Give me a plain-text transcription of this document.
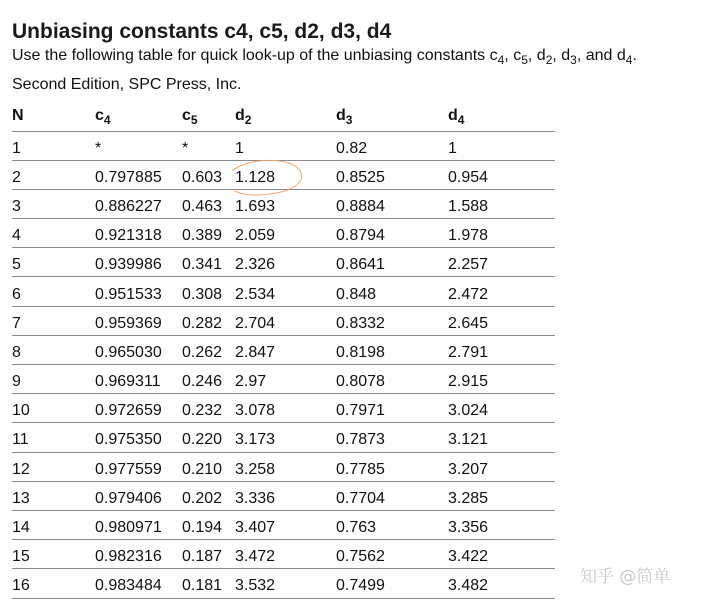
Unbiasing constants c4, c5, d2, d3, d4
Use the following table for quick look-up of the unbiasing constants $c_4$, $c_5$, $d_2$, $d_3$, and $d_4$.
Second Edition, SPC Press, Inc.
N	$c_4$	$c_5$	$d_2$	$d_3$	$d_4$
1	*	*	1	0.82	1
2	0.797885	0.603	1.128	0.8525	0.954
3	0.886227	0.463	1.693	0.8884	1.588
4	0.921318	0.389	2.059	0.8794	1.978
5	0.939986	0.341	2.326	0.8641	2.257
6	0.951533	0.308	2.534	0.848	2.472
7	0.959369	0.282	2.704	0.8332	2.645
8	0.965030	0.262	2.847	0.8198	2.791
9	0.969311	0.246	2.97	0.8078	2.915
10	0.972659	0.232	3.078	0.7971	3.024
11	0.975350	0.220	3.173	0.7873	3.121
12	0.977559	0.210	3.258	0.7785	3.207
13	0.979406	0.202	3.336	0.7704	3.285
14	0.980971	0.194	3.407	0.763	3.356
15	0.982316	0.187	3.472	0.7562	3.422
16	0.983484	0.181	3.532	0.7499	3.482	知乎 @简单
